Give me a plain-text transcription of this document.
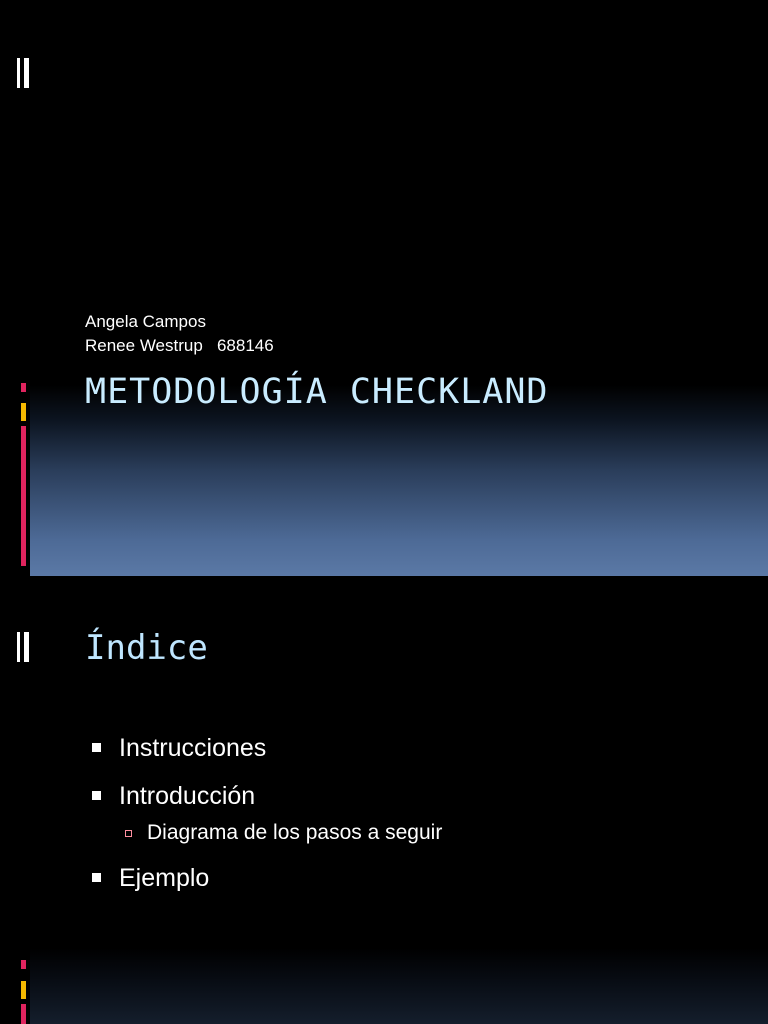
Angela Campos
Renee Westrup   688146
METODOLOGÍA CHECKLAND
Índice
Instrucciones
Introducción
Diagrama de los pasos a seguir
Ejemplo
